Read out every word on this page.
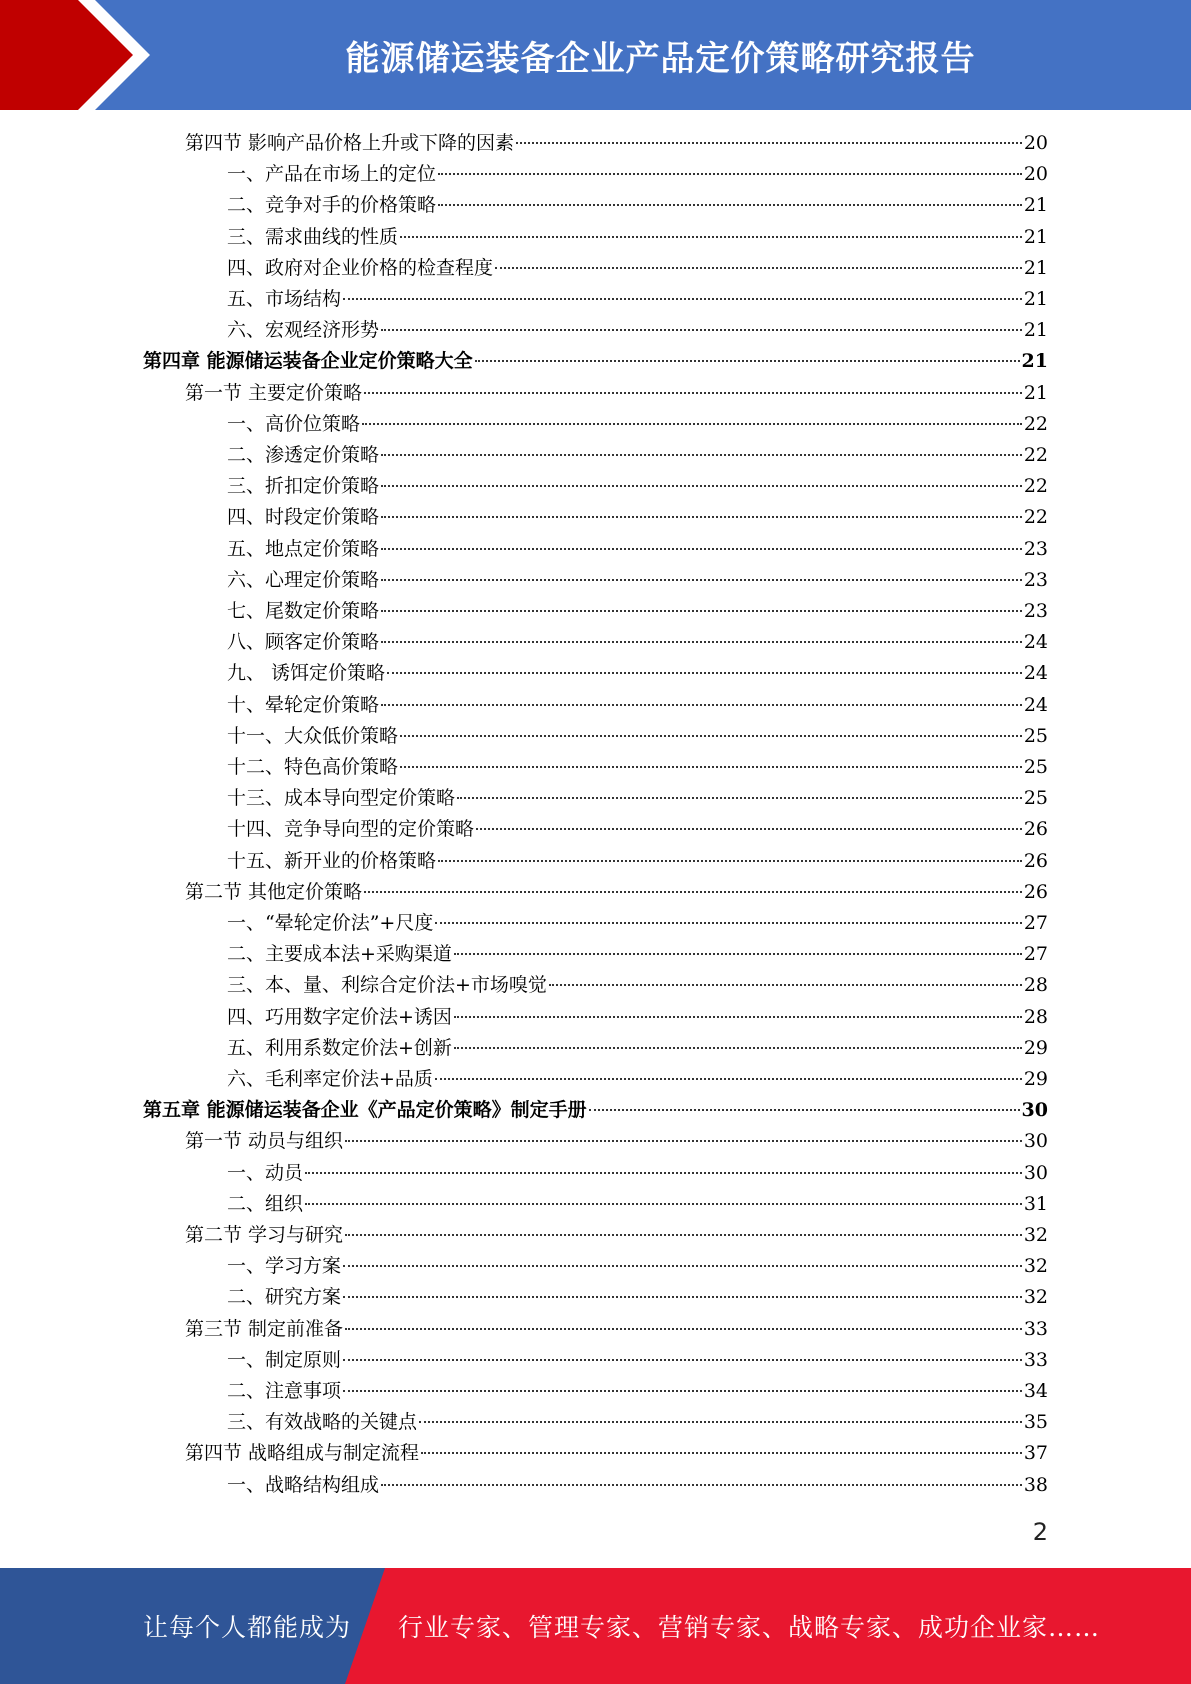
能源储运装备企业产品定价策略研究报告
第四节 影响产品价格上升或下降的因素	20
一、产品在市场上的定位	20
二、竞争对手的价格策略	21
三、需求曲线的性质	21
四、政府对企业价格的检查程度	21
五、市场结构	21
六、宏观经济形势	21
第四章 能源储运装备企业定价策略大全	21
第一节 主要定价策略	21
一、高价位策略	22
二、渗透定价策略	22
三、折扣定价策略	22
四、时段定价策略	22
五、地点定价策略	23
六、心理定价策略	23
七、尾数定价策略	23
八、顾客定价策略	24
九、 诱饵定价策略	24
十、晕轮定价策略	24
十一、大众低价策略	25
十二、特色高价策略	25
十三、成本导向型定价策略	25
十四、竞争导向型的定价策略	26
十五、新开业的价格策略	26
第二节 其他定价策略	26
一、“晕轮定价法”+尺度	27
二、主要成本法+采购渠道	27
三、本、量、利综合定价法+市场嗅觉	28
四、巧用数字定价法+诱因	28
五、利用系数定价法+创新	29
六、毛利率定价法+品质	29
第五章 能源储运装备企业《产品定价策略》制定手册	30
第一节 动员与组织	30
一、动员	30
二、组织	31
第二节 学习与研究	32
一、学习方案	32
二、研究方案	32
第三节 制定前准备	33
一、制定原则	33
二、注意事项	34
三、有效战略的关键点	35
第四节 战略组成与制定流程	37
一、战略结构组成	38
2
让每个人都能成为 行业专家、管理专家、营销专家、战略专家、成功企业家……
